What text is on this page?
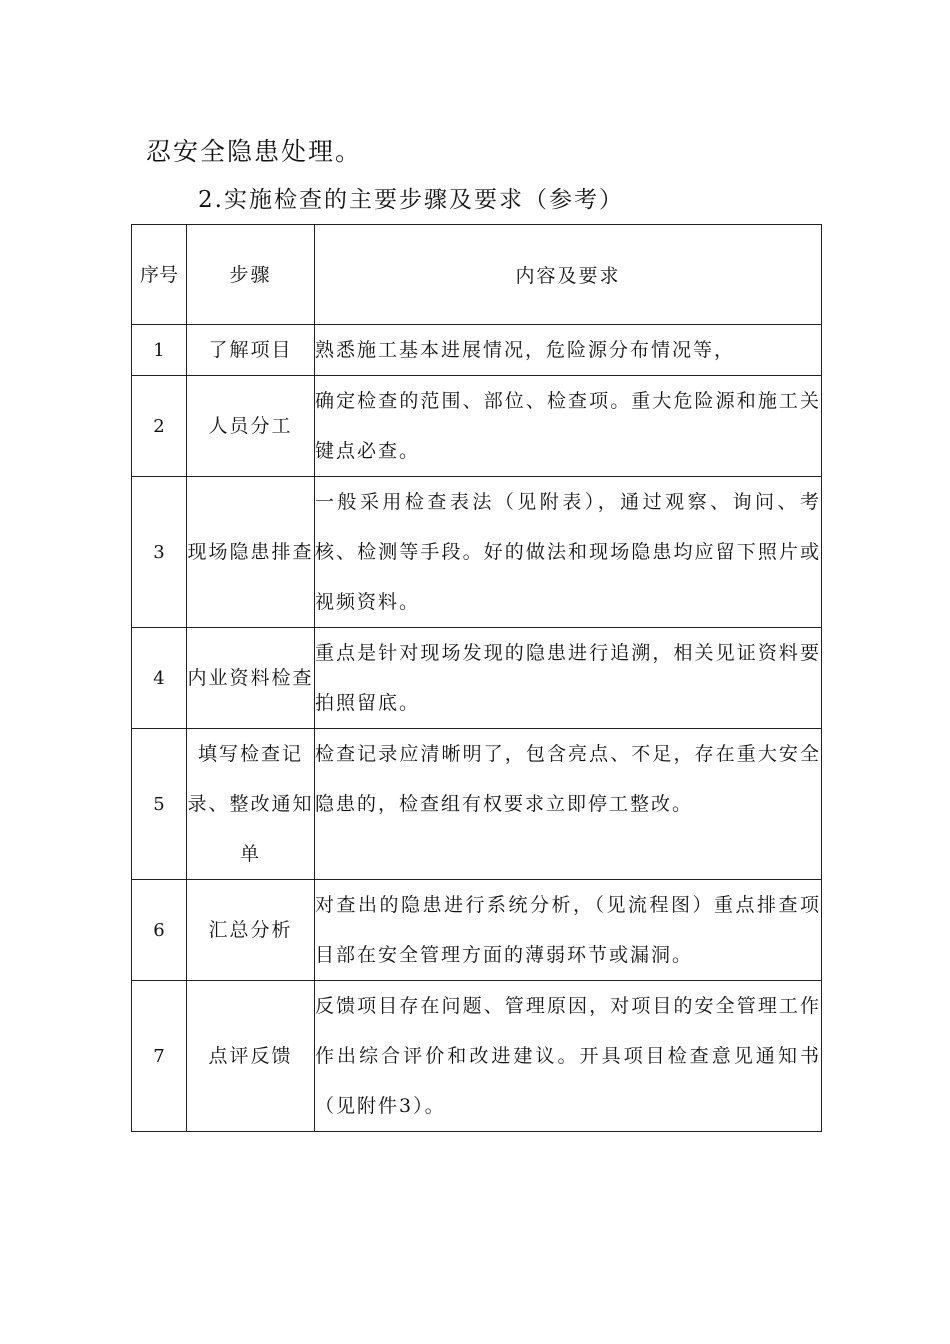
忍安全隐患处理。
2.实施检查的主要步骤及要求（参考）
序号	步骤	内容及要求
1	了解项目	熟悉施工基本进展情况，危险源分布情况等，
2	人员分工	确定检查的范围、部位、检查项。重大危险源和施工关键点必查。
3	现场隐患排查	一般采用检查表法（见附表），通过观察、询问、考核、检测等手段。好的做法和现场隐患均应留下照片或视频资料。
4	内业资料检查	重点是针对现场发现的隐患进行追溯，相关见证资料要拍照留底。
5	填写检查记录、整改通知单	检查记录应清晰明了，包含亮点、不足，存在重大安全隐患的，检查组有权要求立即停工整改。
6	汇总分析	对查出的隐患进行系统分析，（见流程图）重点排查项目部在安全管理方面的薄弱环节或漏洞。
7	点评反馈	反馈项目存在问题、管理原因，对项目的安全管理工作作出综合评价和改进建议。开具项目检查意见通知书（见附件3）。
